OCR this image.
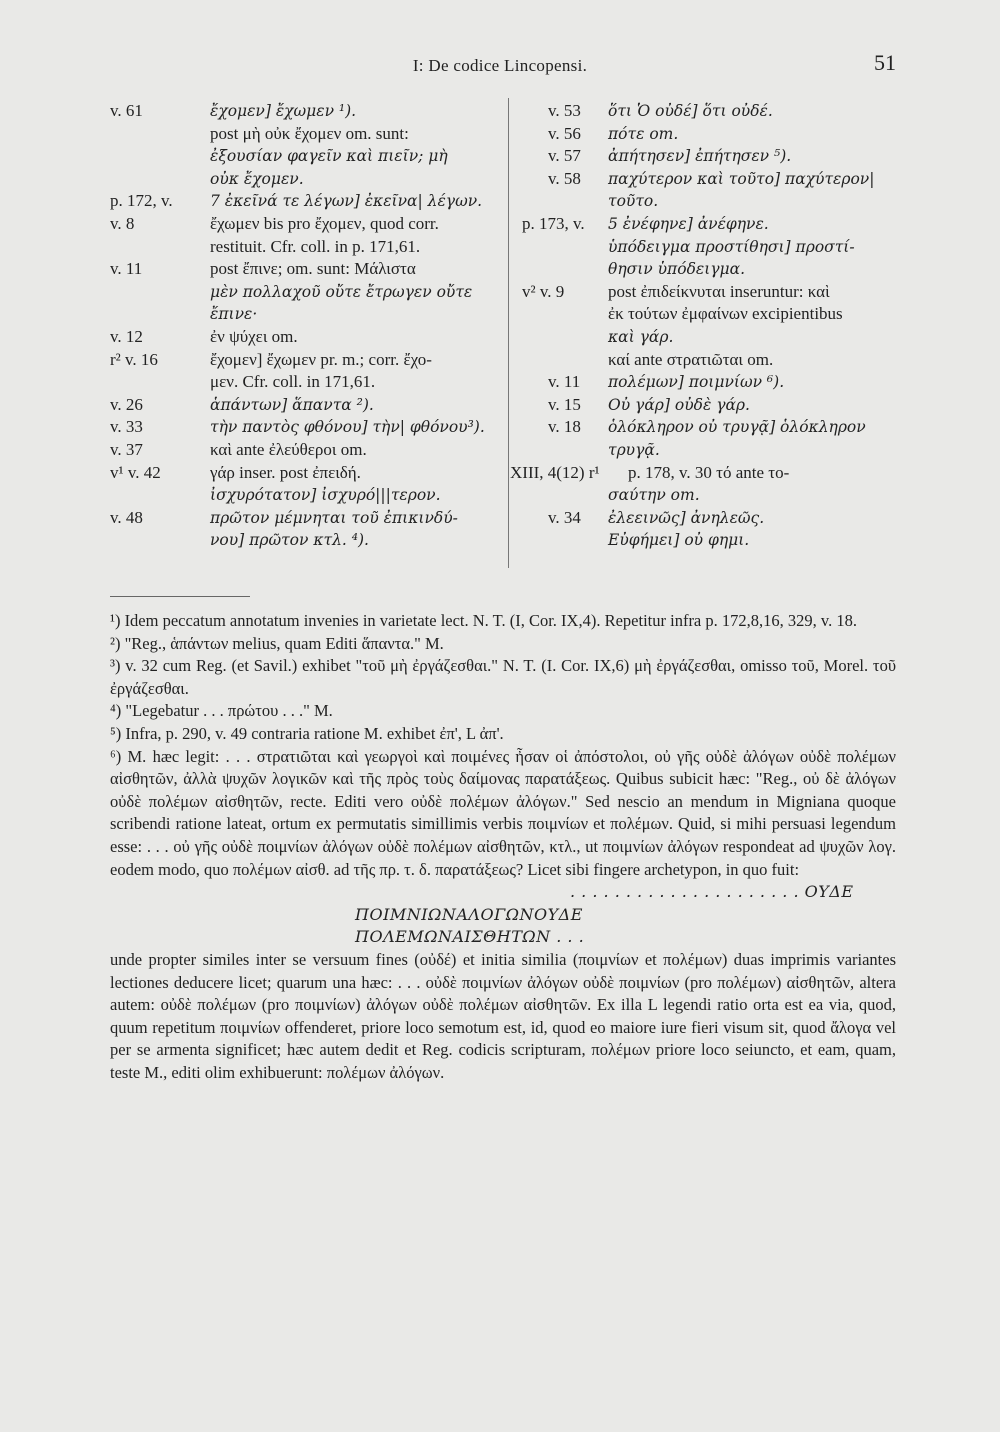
I: De codice Lincopensi.	51
v. 61	ἔχομεν] ἔχωμεν ¹).
post μὴ οὐκ ἔχομεν om. sunt:
ἐξουσίαν φαγεῖν καὶ πιεῖν; μὴ
οὐκ ἔχομεν.
p. 172, v.	7 ἐκεῖνά τε λέγων] ἐκεῖνα| λέγων.
v. 8	ἔχωμεν bis pro ἔχομεν, quod corr.
restituit. Cfr. coll. in p. 171,61.
v. 11	post ἔπινε; om. sunt: Μάλιστα
μὲν πολλαχοῦ οὔτε ἔτρωγεν οὔτε
ἔπινε·
v. 12	ἐν ψύχει om.
r² v. 16	ἔχομεν] ἔχωμεν pr. m.; corr. ἔχο-
μεν. Cfr. coll. in 171,61.
v. 26	ἁπάντων] ἅπαντα ²).
v. 33	τὴν παντὸς φθόνου] τὴν| φθόνου³).
v. 37	καὶ ante ἐλεύθεροι om.
v¹ v. 42	γάρ inser. post ἐπειδή.
ἰσχυρότατον] ἰσχυρό|||τερον.
v. 48	πρῶτον μέμνηται τοῦ ἐπικινδύ-
νου] πρῶτον κτλ. ⁴).
v. 53	ὅτι Ὁ οὐδέ] ὅτι οὐδέ.
v. 56	πότε om.
v. 57	ἀπήτησεν] ἐπήτησεν ⁵).
v. 58	παχύτερον καὶ τοῦτο] παχύτερον|
τοῦτο.
p. 173, v.	5 ἐνέφηνε] ἀνέφηνε.
ὑπόδειγμα προστίθησι] προστί-
θησιν ὑπόδειγμα.
v² v. 9	post ἐπιδείκνυται inseruntur: καὶ
ἐκ τούτων ἐμφαίνων excipientibus
καὶ γάρ.
καί ante στρατιῶται om.
v. 11	πολέμων] ποιμνίων ⁶).
v. 15	Οὐ γάρ] οὐδὲ γάρ.
v. 18	ὁλόκληρον οὐ τρυγᾷ] ὁλόκληρον
τρυγᾷ.
XIII, 4(12) r¹	p. 178, v. 30 τό ante το-
σαύτην om.
v. 34	ἐλεεινῶς] ἀνηλεῶς.
Εὐφήμει] οὐ φημι.

¹) Idem peccatum annotatum invenies in varietate lect. N. T. (I, Cor. IX,4). Repetitur infra p. 172,8,16, 329, v. 18.

²) "Reg., ἁπάντων melius, quam Editi ἅπαντα." M.

³) v. 32 cum Reg. (et Savil.) exhibet "τοῦ μὴ ἐργάζεσθαι." N. T. (I. Cor. IX,6) μὴ ἐργάζεσθαι, omisso τοῦ, Morel. τοῦ ἐργάζεσθαι.

⁴) "Legebatur . . . πρώτου . . ." M.

⁵) Infra, p. 290, v. 49 contraria ratione M. exhibet ἐπ', L ἀπ'.

⁶) M. hæc legit: . . . στρατιῶται καὶ γεωργοὶ καὶ ποιμένες ἦσαν οἱ ἀπόστολοι, οὐ γῆς οὐδὲ ἀλόγων οὐδὲ πολέμων αἰσθητῶν, ἀλλὰ ψυχῶν λογικῶν καὶ τῆς πρὸς τοὺς δαίμονας παρατάξεως. Quibus subicit hæc: "Reg., οὐ δὲ ἀλόγων οὐδὲ πολέμων αἰσθητῶν, recte. Editi vero οὐδὲ πολέμων ἀλόγων." Sed nescio an mendum in Migniana quoque scribendi ratione lateat, ortum ex permutatis simillimis verbis ποιμνίων et πολέμων. Quid, si mihi persuasi legendum esse: . . . οὐ γῆς οὐδὲ ποιμνίων ἀλόγων οὐδὲ πολέμων αἰσθητῶν, κτλ., ut ποιμνίων ἀλόγων respondeat ad ψυχῶν λογ. eodem modo, quo πολέμων αἰσθ. ad τῆς πρ. τ. δ. παρατάξεως? Licet sibi fingere archetypon, in quo fuit:

. . . . . . . . . . . . . . . . . . . . . ΟΥΔΕ

ΠΟΙΜΝΙΩΝΑΛΟΓΩΝΟΥΔΕ

ΠΟΛΕΜΩΝΑΙΣΘΗΤΩΝ . . .

unde propter similes inter se versuum fines (οὐδέ) et initia similia (ποιμνίων et πολέμων) duas imprimis variantes lectiones deducere licet; quarum una hæc: . . . οὐδὲ ποιμνίων ἀλόγων οὐδὲ ποιμνίων (pro πολέμων) αἰσθητῶν, altera autem: οὐδὲ πολέμων (pro ποιμνίων) ἀλόγων οὐδὲ πολέμων αἰσθητῶν. Ex illa L legendi ratio orta est ea via, quod, quum repetitum ποιμνίων offenderet, priore loco semotum est, id, quod eo maiore iure fieri visum sit, quod ἄλογα vel per se armenta significet; hæc autem dedit et Reg. codicis scripturam, πολέμων priore loco seiuncto, et eam, quam, teste M., editi olim exhibuerunt: πολέμων ἀλόγων.
